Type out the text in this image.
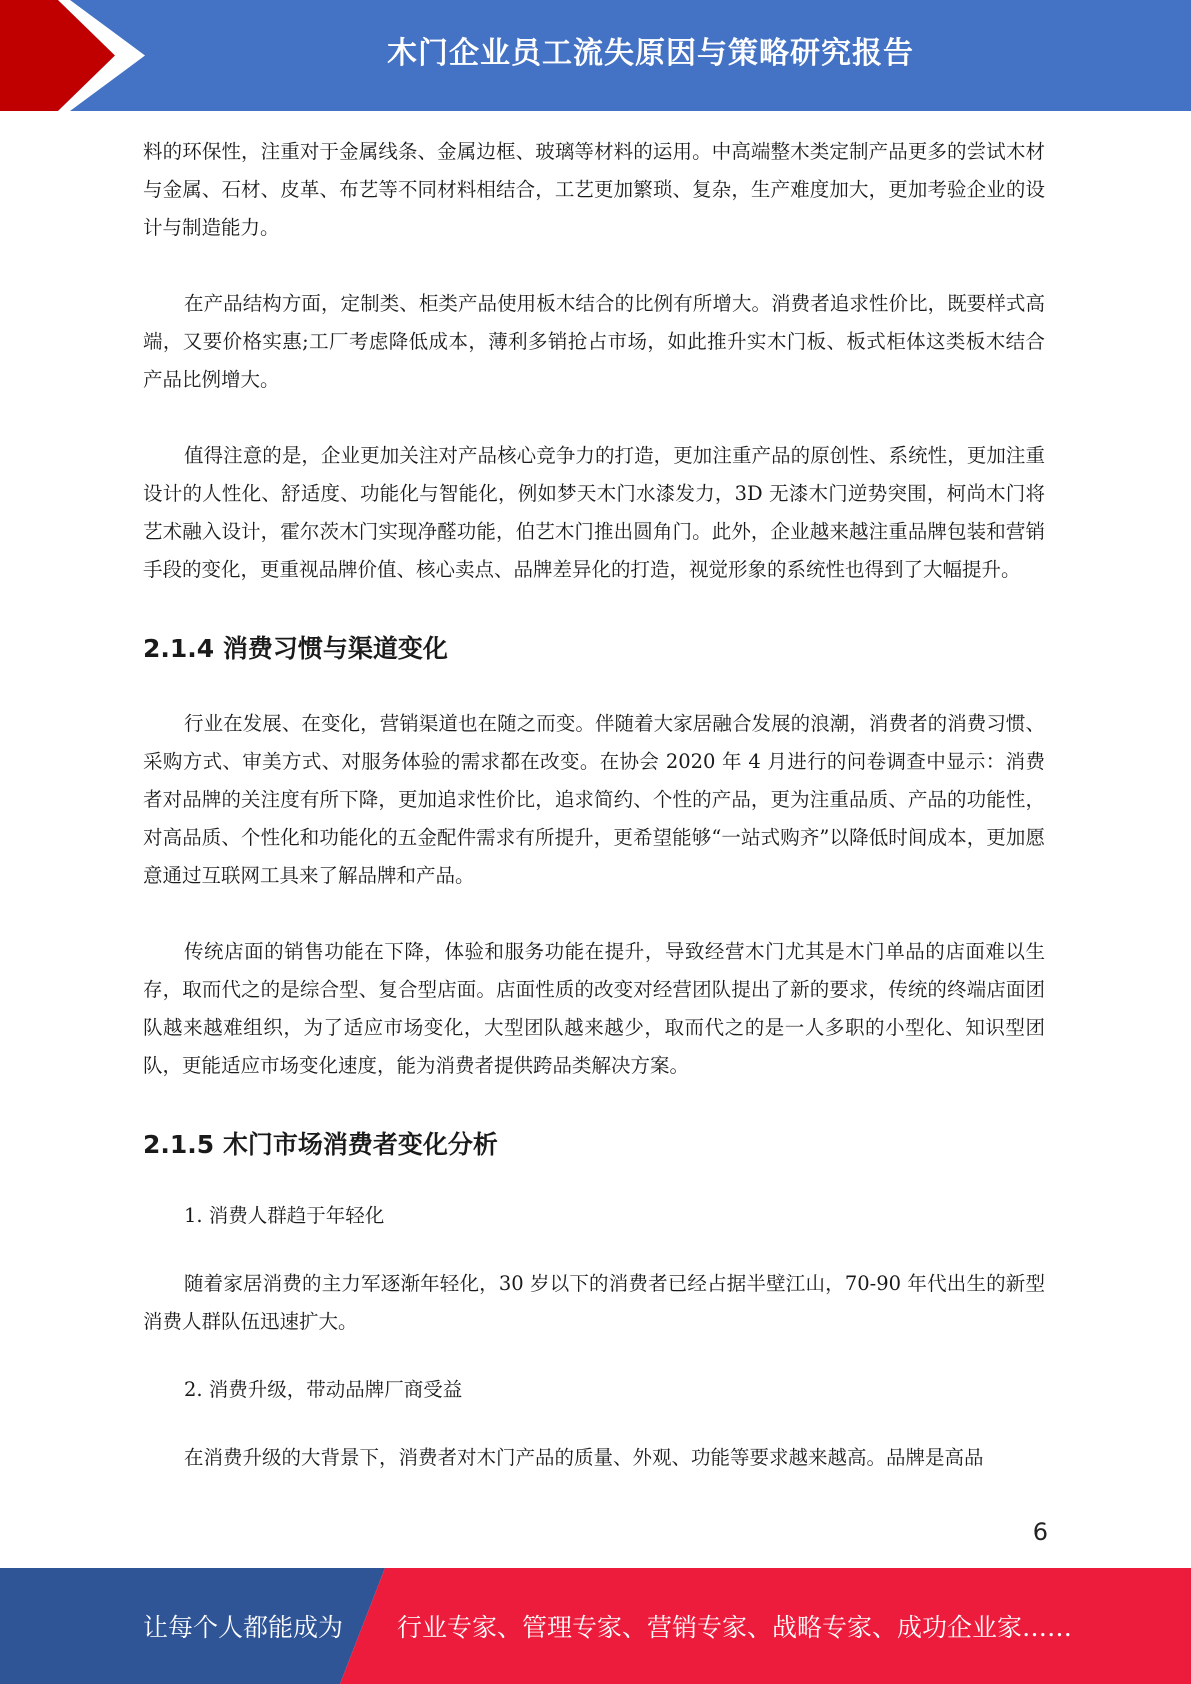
木门企业员工流失原因与策略研究报告

料的环保性，注重对于金属线条、金属边框、玻璃等材料的运用。中高端整木类定制产品更多的尝试木材与金属、石材、皮革、布艺等不同材料相结合，工艺更加繁琐、复杂，生产难度加大，更加考验企业的设计与制造能力。

在产品结构方面，定制类、柜类产品使用板木结合的比例有所增大。消费者追求性价比，既要样式高端，又要价格实惠;工厂考虑降低成本，薄利多销抢占市场，如此推升实木门板、板式柜体这类板木结合产品比例增大。

值得注意的是，企业更加关注对产品核心竞争力的打造，更加注重产品的原创性、系统性，更加注重设计的人性化、舒适度、功能化与智能化，例如梦天木门水漆发力，3D 无漆木门逆势突围，柯尚木门将艺术融入设计，霍尔茨木门实现净醛功能，伯艺木门推出圆角门。此外，企业越来越注重品牌包装和营销手段的变化，更重视品牌价值、核心卖点、品牌差异化的打造，视觉形象的系统性也得到了大幅提升。

2.1.4 消费习惯与渠道变化

行业在发展、在变化，营销渠道也在随之而变。伴随着大家居融合发展的浪潮，消费者的消费习惯、采购方式、审美方式、对服务体验的需求都在改变。在协会 2020 年 4 月进行的问卷调查中显示：消费者对品牌的关注度有所下降，更加追求性价比，追求简约、个性的产品，更为注重品质、产品的功能性，对高品质、个性化和功能化的五金配件需求有所提升，更希望能够“一站式购齐”以降低时间成本，更加愿意通过互联网工具来了解品牌和产品。

传统店面的销售功能在下降，体验和服务功能在提升，导致经营木门尤其是木门单品的店面难以生存，取而代之的是综合型、复合型店面。店面性质的改变对经营团队提出了新的要求，传统的终端店面团队越来越难组织，为了适应市场变化，大型团队越来越少，取而代之的是一人多职的小型化、知识型团队，更能适应市场变化速度，能为消费者提供跨品类解决方案。

2.1.5 木门市场消费者变化分析

1. 消费人群趋于年轻化

随着家居消费的主力军逐渐年轻化，30 岁以下的消费者已经占据半壁江山，70-90 年代出生的新型消费人群队伍迅速扩大。

2. 消费升级，带动品牌厂商受益

在消费升级的大背景下，消费者对木门产品的质量、外观、功能等要求越来越高。品牌是高品

6
让每个人都能成为 行业专家、管理专家、营销专家、战略专家、成功企业家……
